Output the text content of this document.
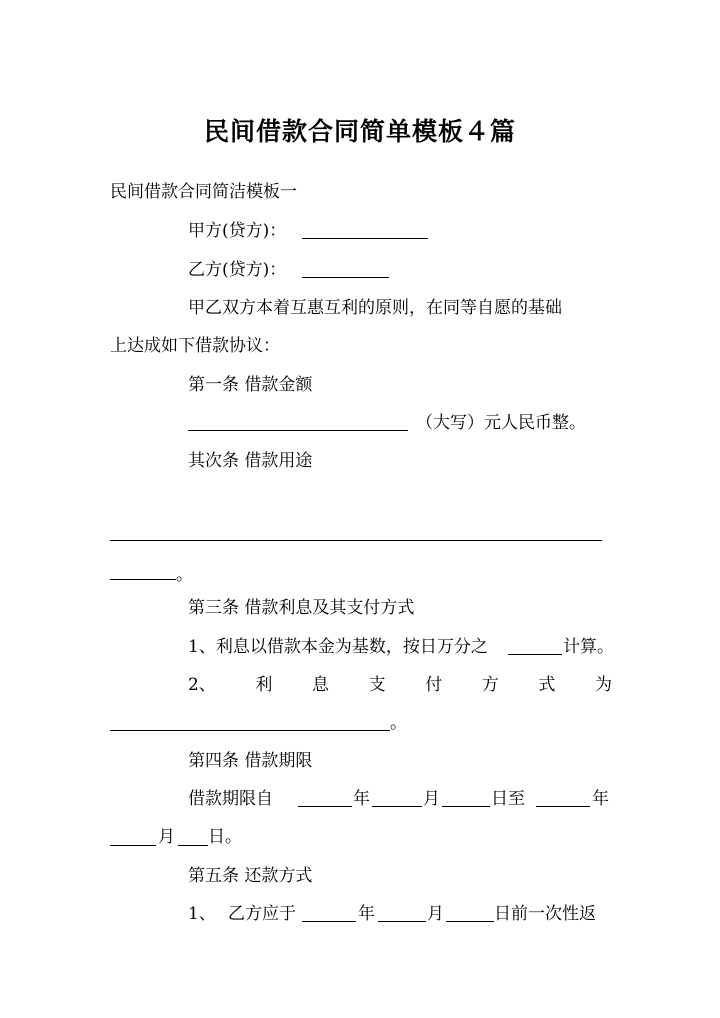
民间借款合同简单模板４篇
民间借款合同简洁模板一
甲方(贷方)：
乙方(贷方)：
甲乙双方本着互惠互利的原则，在同等自愿的基础
上达成如下借款协议：
第一条 借款金额
（大写）元人民币整。
其次条 借款用途
。
第三条 借款利息及其支付方式
1、利息以借款本金为基数，按日万分之	计算。
2、 利 息 支 付 方 式 为
。
第四条 借款期限
借款期限自	年	月	日至	年
月 日。
第五条 还款方式
1、 乙方应于	年	月	日前一次性返
